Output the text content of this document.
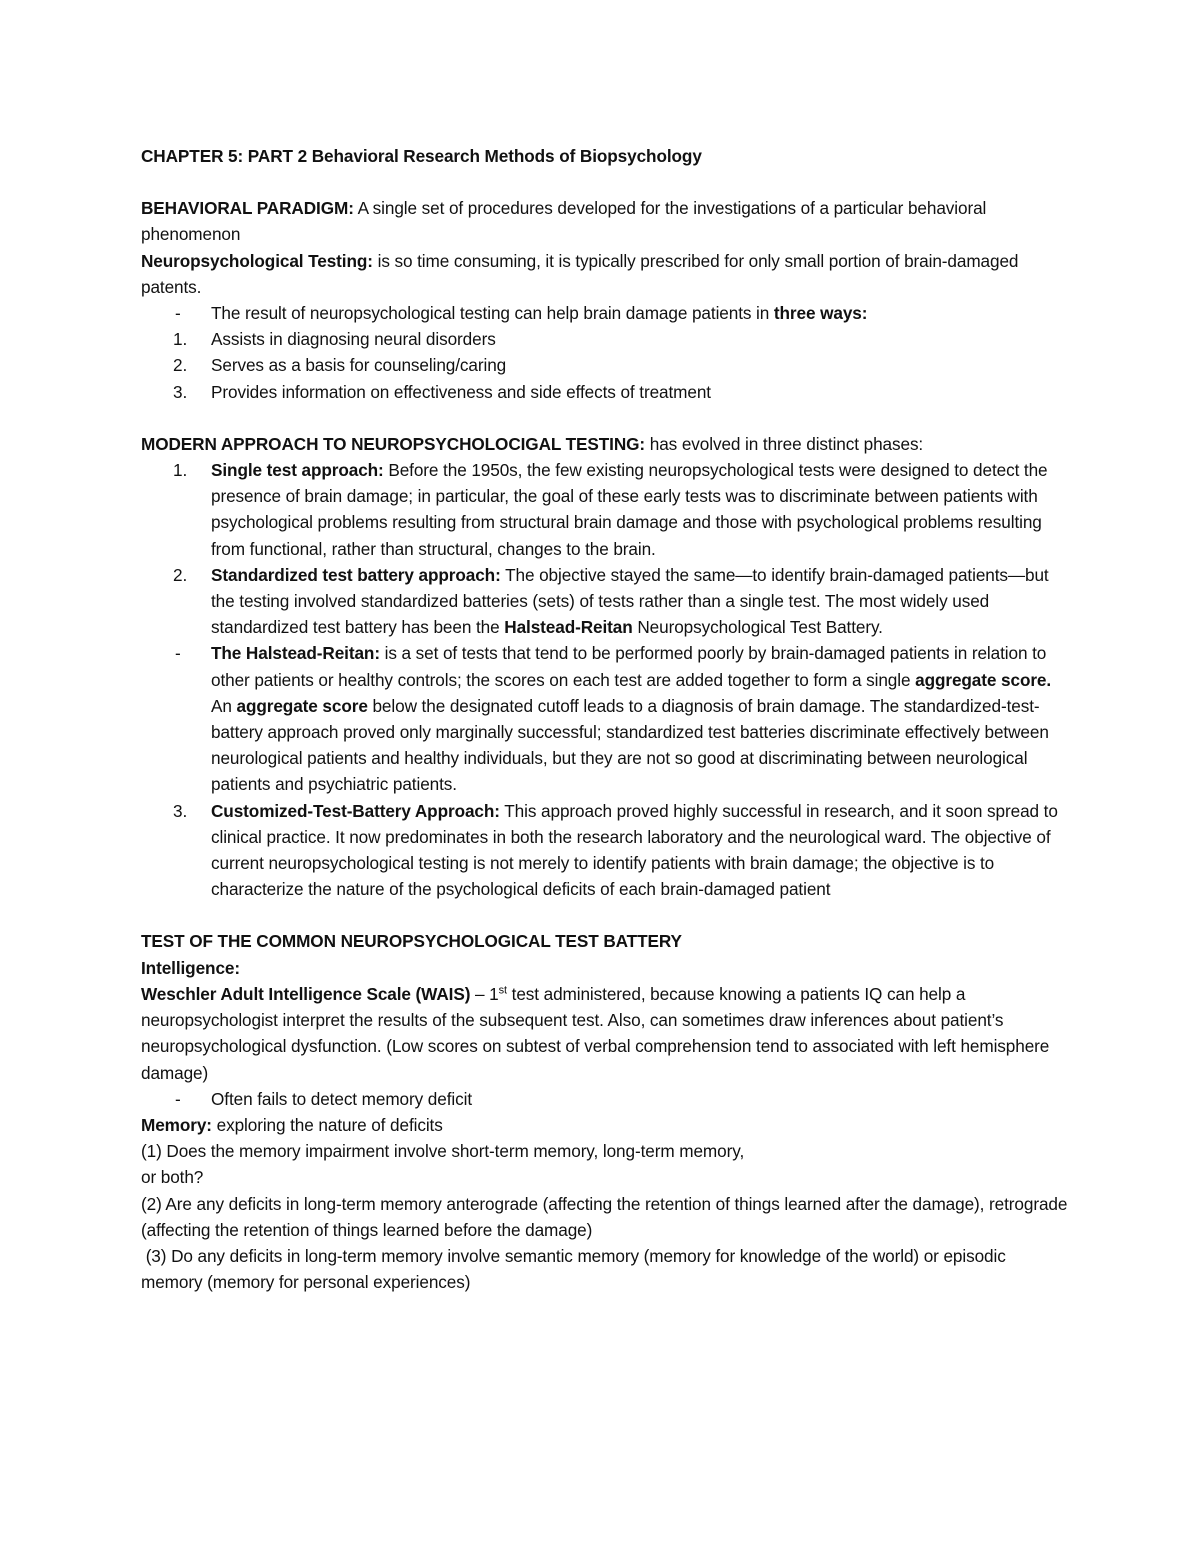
CHAPTER 5: PART 2 Behavioral Research Methods of Biopsychology

BEHAVIORAL PARADIGM: A single set of procedures developed for the investigations of a particular behavioral phenomenon

Neuropsychological Testing: is so time consuming, it is typically prescribed for only small portion of brain-damaged patents.

- The result of neuropsychological testing can help brain damage patients in three ways:
1. Assists in diagnosing neural disorders
2. Serves as a basis for counseling/caring
3. Provides information on effectiveness and side effects of treatment

MODERN APPROACH TO NEUROPSYCHOLOCIGAL TESTING: has evolved in three distinct phases:

1. Single test approach: Before the 1950s, the few existing neuropsychological tests were designed to detect the presence of brain damage; in particular, the goal of these early tests was to discriminate between patients with psychological problems resulting from structural brain damage and those with psychological problems resulting from functional, rather than structural, changes to the brain.
2. Standardized test battery approach: The objective stayed the same—to identify brain-damaged patients—but the testing involved standardized batteries (sets) of tests rather than a single test. The most widely used standardized test battery has been the Halstead-Reitan Neuropsychological Test Battery.
- The Halstead-Reitan: is a set of tests that tend to be performed poorly by brain-damaged patients in relation to other patients or healthy controls; the scores on each test are added together to form a single aggregate score. An aggregate score below the designated cutoff leads to a diagnosis of brain damage. The standardized-test-battery approach proved only marginally successful; standardized test batteries discriminate effectively between neurological patients and healthy individuals, but they are not so good at discriminating between neurological patients and psychiatric patients.
3. Customized-Test-Battery Approach: This approach proved highly successful in research, and it soon spread to clinical practice. It now predominates in both the research laboratory and the neurological ward. The objective of current neuropsychological testing is not merely to identify patients with brain damage; the objective is to characterize the nature of the psychological deficits of each brain-damaged patient

TEST OF THE COMMON NEUROPSYCHOLOGICAL TEST BATTERY

Intelligence:

Weschler Adult Intelligence Scale (WAIS) – 1st test administered, because knowing a patients IQ can help a neuropsychologist interpret the results of the subsequent test. Also, can sometimes draw inferences about patient’s neuropsychological dysfunction. (Low scores on subtest of verbal comprehension tend to associated with left hemisphere damage)

- Often fails to detect memory deficit

Memory: exploring the nature of deficits

(1) Does the memory impairment involve short-term memory, long-term memory,

or both?

(2) Are any deficits in long-term memory anterograde (affecting the retention of things learned after the damage), retrograde (affecting the retention of things learned before the damage)

(3) Do any deficits in long-term memory involve semantic memory (memory for knowledge of the world) or episodic memory (memory for personal experiences)
